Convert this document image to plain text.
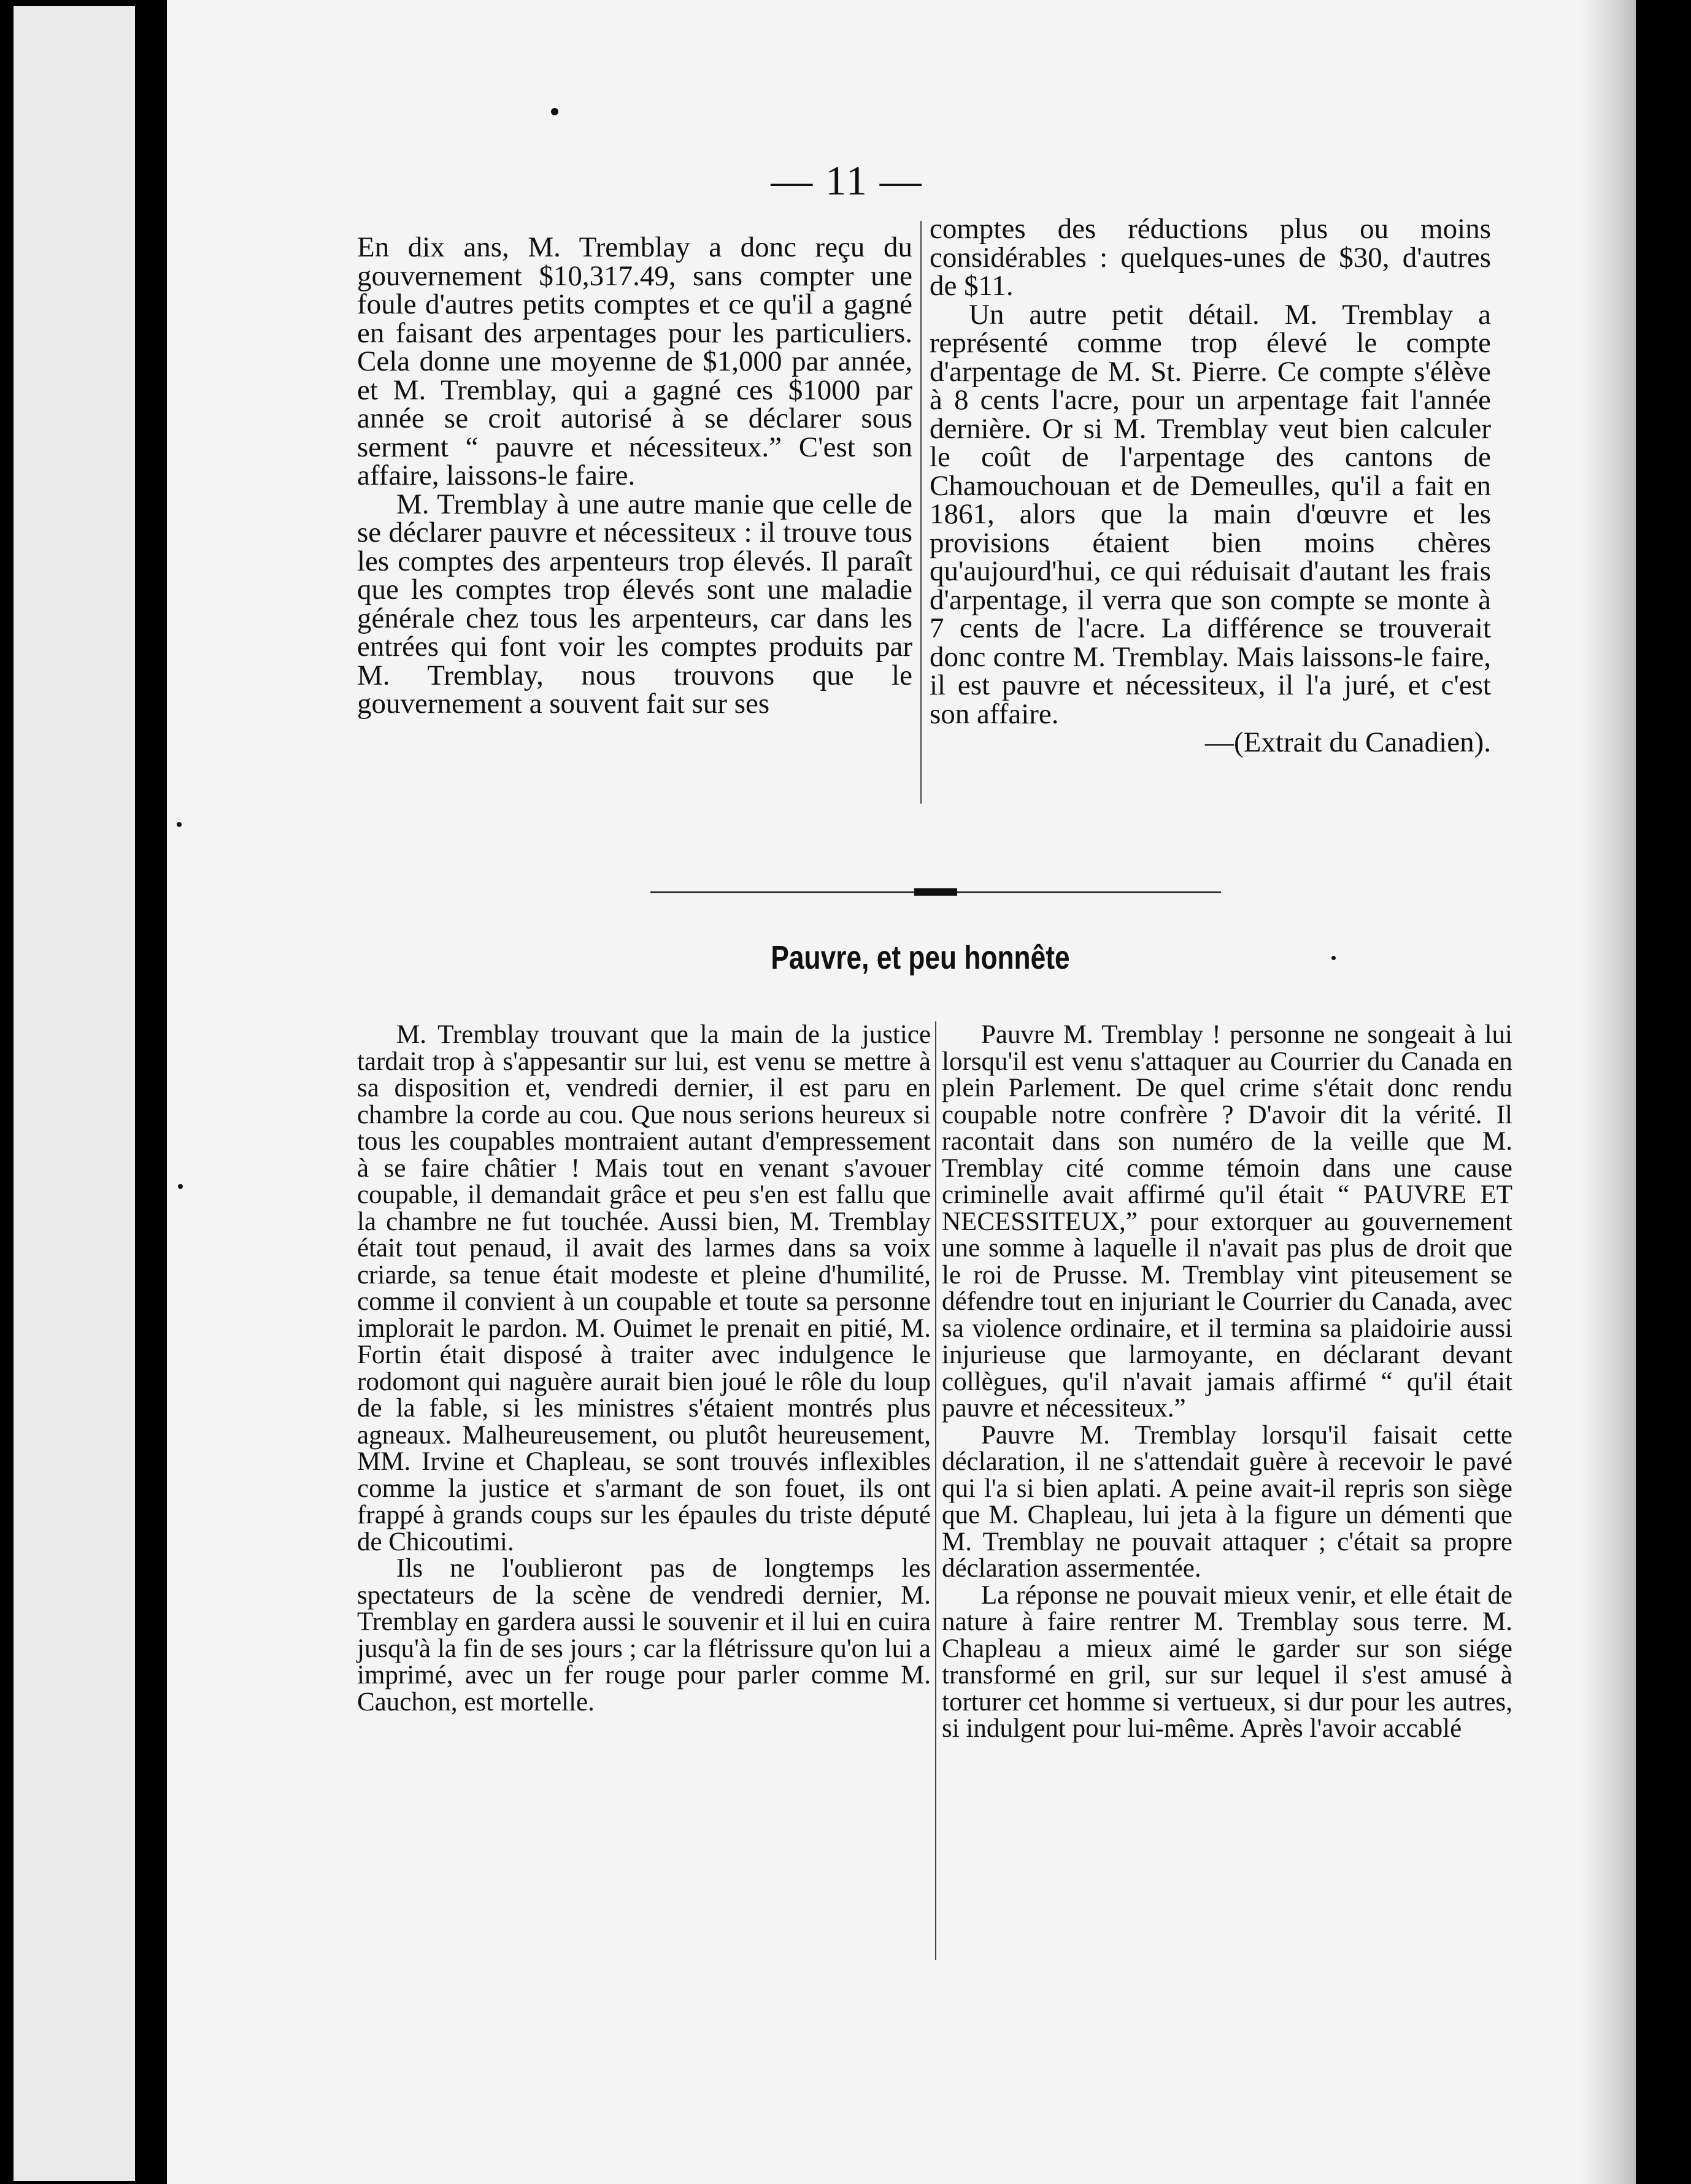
— 11 —

En dix ans, M. Tremblay a donc reçu du gouvernement $10,317.49, sans compter une foule d'autres petits comptes et ce qu'il a gagné en faisant des arpentages pour les particuliers. Cela donne une moyenne de $1,000 par année, et M. Tremblay, qui a gagné ces $1000 par année se croit autorisé à se déclarer sous serment “ pauvre et nécessiteux.” C'est son affaire, laissons-le faire.

M. Tremblay à une autre manie que celle de se déclarer pauvre et nécessiteux : il trouve tous les comptes des arpenteurs trop élevés. Il paraît que les comptes trop élevés sont une maladie générale chez tous les arpenteurs, car dans les entrées qui font voir les comptes produits par M. Tremblay, nous trouvons que le gouvernement a souvent fait sur ses

comptes des réductions plus ou moins considérables : quelques-unes de $30, d'autres de $11.

Un autre petit détail. M. Tremblay a représenté comme trop élevé le compte d'arpentage de M. St. Pierre. Ce compte s'élève à 8 cents l'acre, pour un arpentage fait l'année dernière. Or si M. Tremblay veut bien calculer le coût de l'arpentage des cantons de Chamouchouan et de Demeulles, qu'il a fait en 1861, alors que la main d'œuvre et les provisions étaient bien moins chères qu'aujourd'hui, ce qui réduisait d'autant les frais d'arpentage, il verra que son compte se monte à 7 cents de l'acre. La différence se trouverait donc contre M. Tremblay. Mais laissons-le faire, il est pauvre et nécessiteux, il l'a juré, et c'est son affaire.

—(Extrait du Canadien).

Pauvre, et peu honnête

M. Tremblay trouvant que la main de la justice tardait trop à s'appesantir sur lui, est venu se mettre à sa disposition et, vendredi dernier, il est paru en chambre la corde au cou. Que nous serions heureux si tous les coupables montraient autant d'empressement à se faire châtier ! Mais tout en venant s'avouer coupable, il demandait grâce et peu s'en est fallu que la chambre ne fut touchée. Aussi bien, M. Tremblay était tout penaud, il avait des larmes dans sa voix criarde, sa tenue était modeste et pleine d'humilité, comme il convient à un coupable et toute sa personne implorait le pardon. M. Ouimet le prenait en pitié, M. Fortin était disposé à traiter avec indulgence le rodomont qui naguère aurait bien joué le rôle du loup de la fable, si les ministres s'étaient montrés plus agneaux. Malheureusement, ou plutôt heureusement, MM. Irvine et Chapleau, se sont trouvés inflexibles comme la justice et s'armant de son fouet, ils ont frappé à grands coups sur les épaules du triste député de Chicoutimi.

Ils ne l'oublieront pas de longtemps les spectateurs de la scène de vendredi dernier, M. Tremblay en gardera aussi le souvenir et il lui en cuira jusqu'à la fin de ses jours ; car la flétrissure qu'on lui a imprimé, avec un fer rouge pour parler comme M. Cauchon, est mortelle.

Pauvre M. Tremblay ! personne ne songeait à lui lorsqu'il est venu s'attaquer au Courrier du Canada en plein Parlement. De quel crime s'était donc rendu coupable notre confrère ? D'avoir dit la vérité. Il racontait dans son numéro de la veille que M. Tremblay cité comme témoin dans une cause criminelle avait affirmé qu'il était “ PAUVRE ET NECESSITEUX,” pour extorquer au gouvernement une somme à laquelle il n'avait pas plus de droit que le roi de Prusse. M. Tremblay vint piteusement se défendre tout en injuriant le Courrier du Canada, avec sa violence ordinaire, et il termina sa plaidoirie aussi injurieuse que larmoyante, en déclarant devant collègues, qu'il n'avait jamais affirmé “ qu'il était pauvre et nécessiteux.”

Pauvre M. Tremblay lorsqu'il faisait cette déclaration, il ne s'attendait guère à recevoir le pavé qui l'a si bien aplati. A peine avait-il repris son siège que M. Chapleau, lui jeta à la figure un démenti que M. Tremblay ne pouvait attaquer ; c'était sa propre déclaration assermentée.

La réponse ne pouvait mieux venir, et elle était de nature à faire rentrer M. Tremblay sous terre. M. Chapleau a mieux aimé le garder sur son siége transformé en gril, sur sur lequel il s'est amusé à torturer cet homme si vertueux, si dur pour les autres, si indulgent pour lui-même. Après l'avoir accablé
